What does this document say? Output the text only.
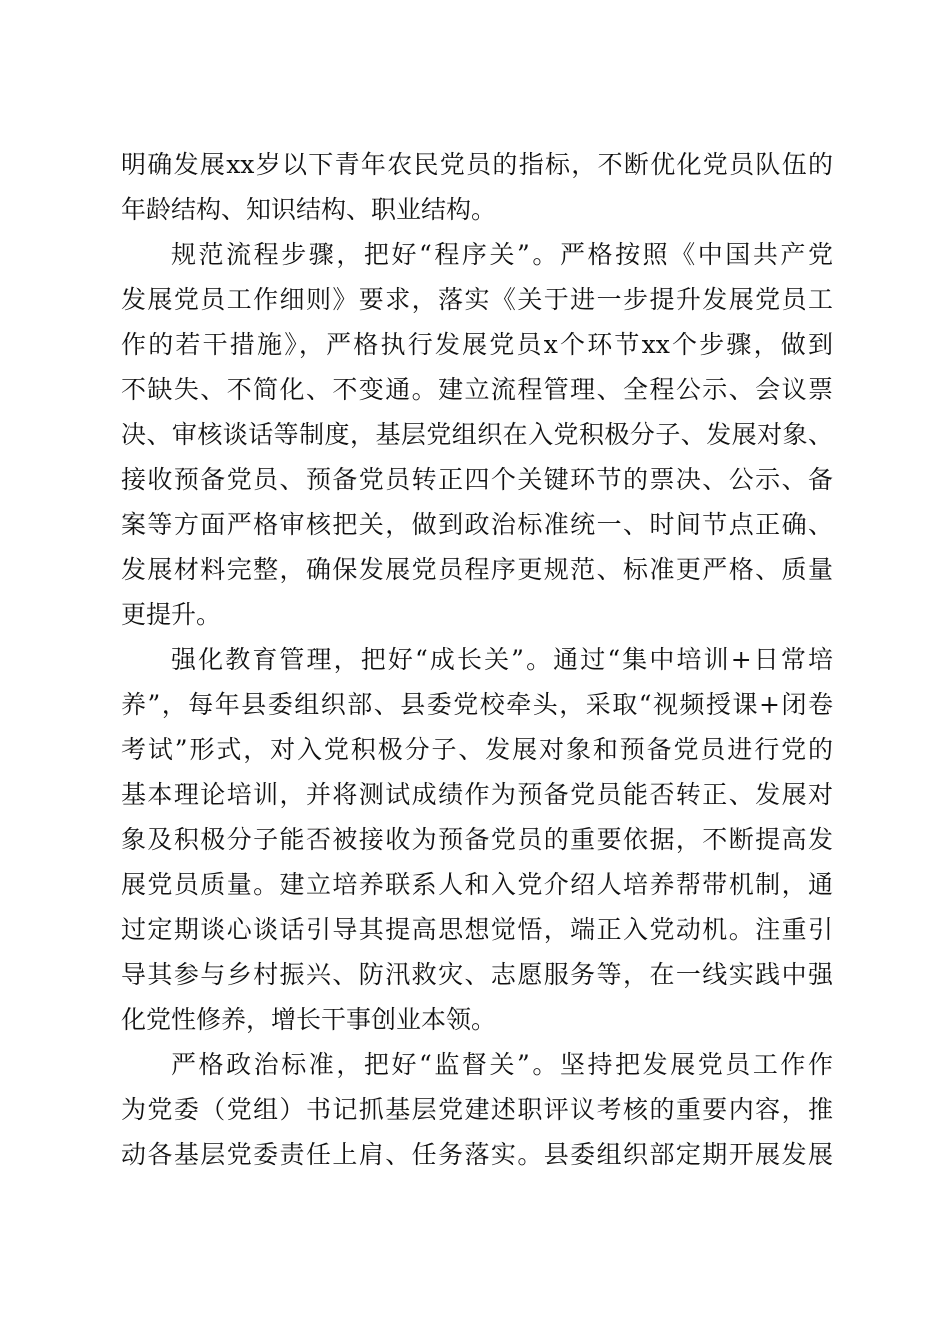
明确发展xx岁以下青年农民党员的指标，不断优化党员队伍的
年龄结构、知识结构、职业结构。
规范流程步骤，把好“程序关”。严格按照《中国共产党
发展党员工作细则》要求，落实《关于进一步提升发展党员工
作的若干措施》，严格执行发展党员x个环节xx个步骤，做到
不缺失、不简化、不变通。建立流程管理、全程公示、会议票
决、审核谈话等制度，基层党组织在入党积极分子、发展对象、
接收预备党员、预备党员转正四个关键环节的票决、公示、备
案等方面严格审核把关，做到政治标准统一、时间节点正确、
发展材料完整，确保发展党员程序更规范、标准更严格、质量
更提升。
强化教育管理，把好“成长关”。通过“集中培训+日常培
养”，每年县委组织部、县委党校牵头，采取“视频授课+闭卷
考试”形式，对入党积极分子、发展对象和预备党员进行党的
基本理论培训，并将测试成绩作为预备党员能否转正、发展对
象及积极分子能否被接收为预备党员的重要依据，不断提高发
展党员质量。建立培养联系人和入党介绍人培养帮带机制，通
过定期谈心谈话引导其提高思想觉悟，端正入党动机。注重引
导其参与乡村振兴、防汛救灾、志愿服务等，在一线实践中强
化党性修养，增长干事创业本领。
严格政治标准，把好“监督关”。坚持把发展党员工作作
为党委（党组）书记抓基层党建述职评议考核的重要内容，推
动各基层党委责任上肩、任务落实。县委组织部定期开展发展
